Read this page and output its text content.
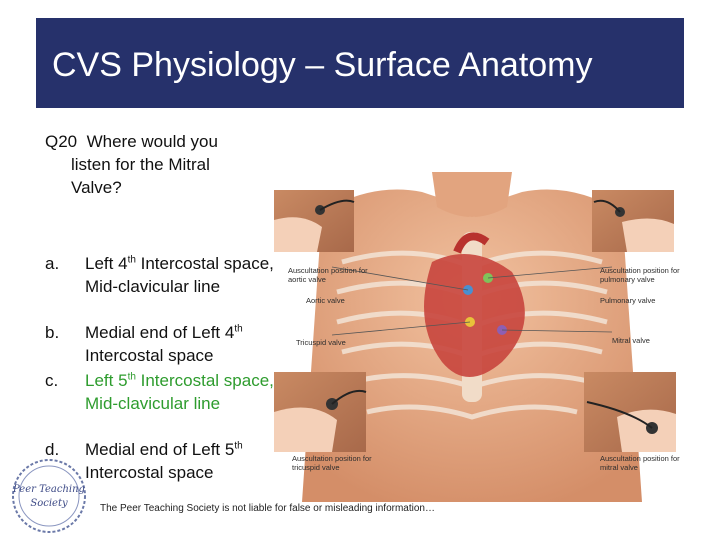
CVS Physiology – Surface Anatomy
Q20 Where would you
listen for the Mitral
Valve?
a.	Left 4th Intercostal space, Mid-clavicular line
b.	Medial end of Left 4th Intercostal space
c.	Left 5th Intercostal space, Mid-clavicular line
d.	Medial end of Left 5th Intercostal space
Auscultation position for aortic valve
Auscultation position for pulmonary valve
Aortic valve	Pulmonary valve
Tricuspid valve	Mitral valve
Auscultation position for tricuspid valve
Auscultation position for mitral valve
Peer Teaching
Society	The Peer Teaching Society is not liable for false or misleading information…
